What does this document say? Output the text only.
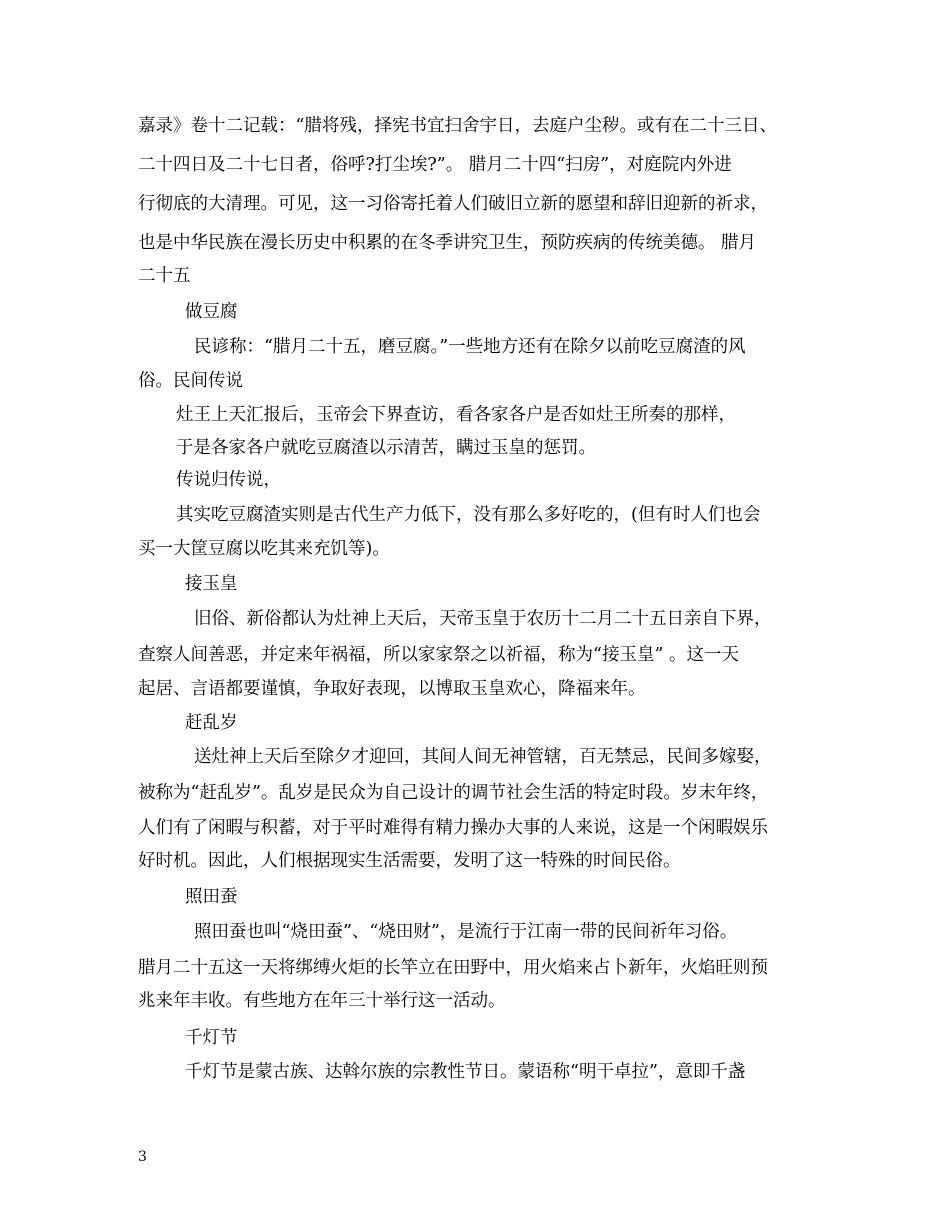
嘉录》卷十二记载：“腊将残，择宪书宜扫舍宇日，去庭户尘秽。或有在二十三日、
二十四日及二十七日者，俗呼?打尘埃?”。 腊月二十四“扫房”，对庭院内外进
行彻底的大清理。可见，这一习俗寄托着人们破旧立新的愿望和辞旧迎新的祈求，
也是中华民族在漫长历史中积累的在冬季讲究卫生，预防疾病的传统美德。 腊月
二十五
做豆腐
民谚称：“腊月二十五，磨豆腐。”一些地方还有在除夕以前吃豆腐渣的风
俗。民间传说
灶王上天汇报后，玉帝会下界查访，看各家各户是否如灶王所奏的那样，
于是各家各户就吃豆腐渣以示清苦，瞒过玉皇的惩罚。
传说归传说，
其实吃豆腐渣实则是古代生产力低下，没有那么多好吃的，(但有时人们也会
买一大筐豆腐以吃其来充饥等)。
接玉皇
旧俗、新俗都认为灶神上天后，天帝玉皇于农历十二月二十五日亲自下界，
查察人间善恶，并定来年祸福，所以家家祭之以祈福，称为“接玉皇” 。这一天
起居、言语都要谨慎，争取好表现，以博取玉皇欢心，降福来年。
赶乱岁
送灶神上天后至除夕才迎回，其间人间无神管辖，百无禁忌，民间多嫁娶，
被称为“赶乱岁”。乱岁是民众为自己设计的调节社会生活的特定时段。岁末年终，
人们有了闲暇与积蓄，对于平时难得有精力操办大事的人来说，这是一个闲暇娱乐
好时机。因此，人们根据现实生活需要，发明了这一特殊的时间民俗。
照田蚕
照田蚕也叫“烧田蚕”、“烧田财”，是流行于江南一带的民间祈年习俗。
腊月二十五这一天将绑缚火炬的长竿立在田野中，用火焰来占卜新年，火焰旺则预
兆来年丰收。有些地方在年三十举行这一活动。
千灯节
千灯节是蒙古族、达斡尔族的宗教性节日。蒙语称“明干卓拉”，意即千盏
3
